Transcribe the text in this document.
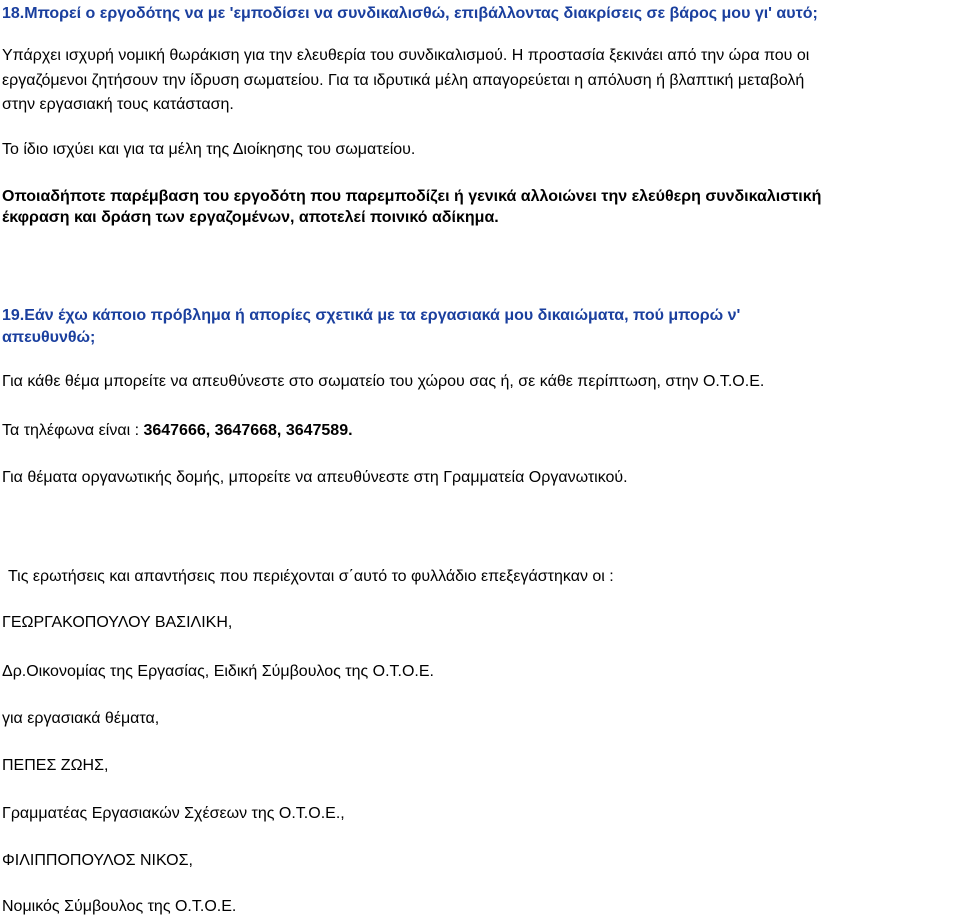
18.Μπορεί ο εργοδότης να με 'εμποδίσει να συνδικαλισθώ, επιβάλλοντας διακρίσεις σε βάρος μου γι' αυτό;
Υπάρχει ισχυρή νομική θωράκιση για την ελευθερία του συνδικαλισμού. Η προστασία ξεκινάει από την ώρα που οι
εργαζόμενοι ζητήσουν την ίδρυση σωματείου. Για τα ιδρυτικά μέλη απαγορεύεται η απόλυση ή βλαπτική μεταβολή
στην εργασιακή τους κατάσταση.
Το ίδιο ισχύει και για τα μέλη της Διοίκησης του σωματείου.
Οποιαδήποτε παρέμβαση του εργοδότη που παρεμποδίζει ή γενικά αλλοιώνει την ελεύθερη συνδικαλιστική
έκφραση και δράση των εργαζομένων, αποτελεί ποινικό αδίκημα.
19.Εάν έχω κάποιο πρόβλημα ή απορίες σχετικά με τα εργασιακά μου δικαιώματα, πού μπορώ ν'
απευθυνθώ;
Για κάθε θέμα μπορείτε να απευθύνεστε στο σωματείο του χώρου σας ή, σε κάθε περίπτωση, στην Ο.Τ.Ο.Ε.
Τα τηλέφωνα είναι : 3647666, 3647668, 3647589.
Για θέματα οργανωτικής δομής, μπορείτε να απευθύνεστε στη Γραμματεία Οργανωτικού.
Τις ερωτήσεις και απαντήσεις που περιέχονται σ΄αυτό το φυλλάδιο επεξεγάστηκαν οι :
ΓΕΩΡΓΑΚΟΠΟΥΛΟΥ ΒΑΣΙΛΙΚΗ,
Δρ.Οικονομίας της Εργασίας, Ειδική Σύμβουλος της Ο.Τ.Ο.Ε.
για εργασιακά θέματα,
ΠΕΠΕΣ ΖΩΗΣ,
Γραμματέας Εργασιακών Σχέσεων της Ο.Τ.Ο.Ε.,
ΦΙΛΙΠΠΟΠΟΥΛΟΣ ΝΙΚΟΣ,
Νομικός Σύμβουλος της Ο.Τ.Ο.Ε.
